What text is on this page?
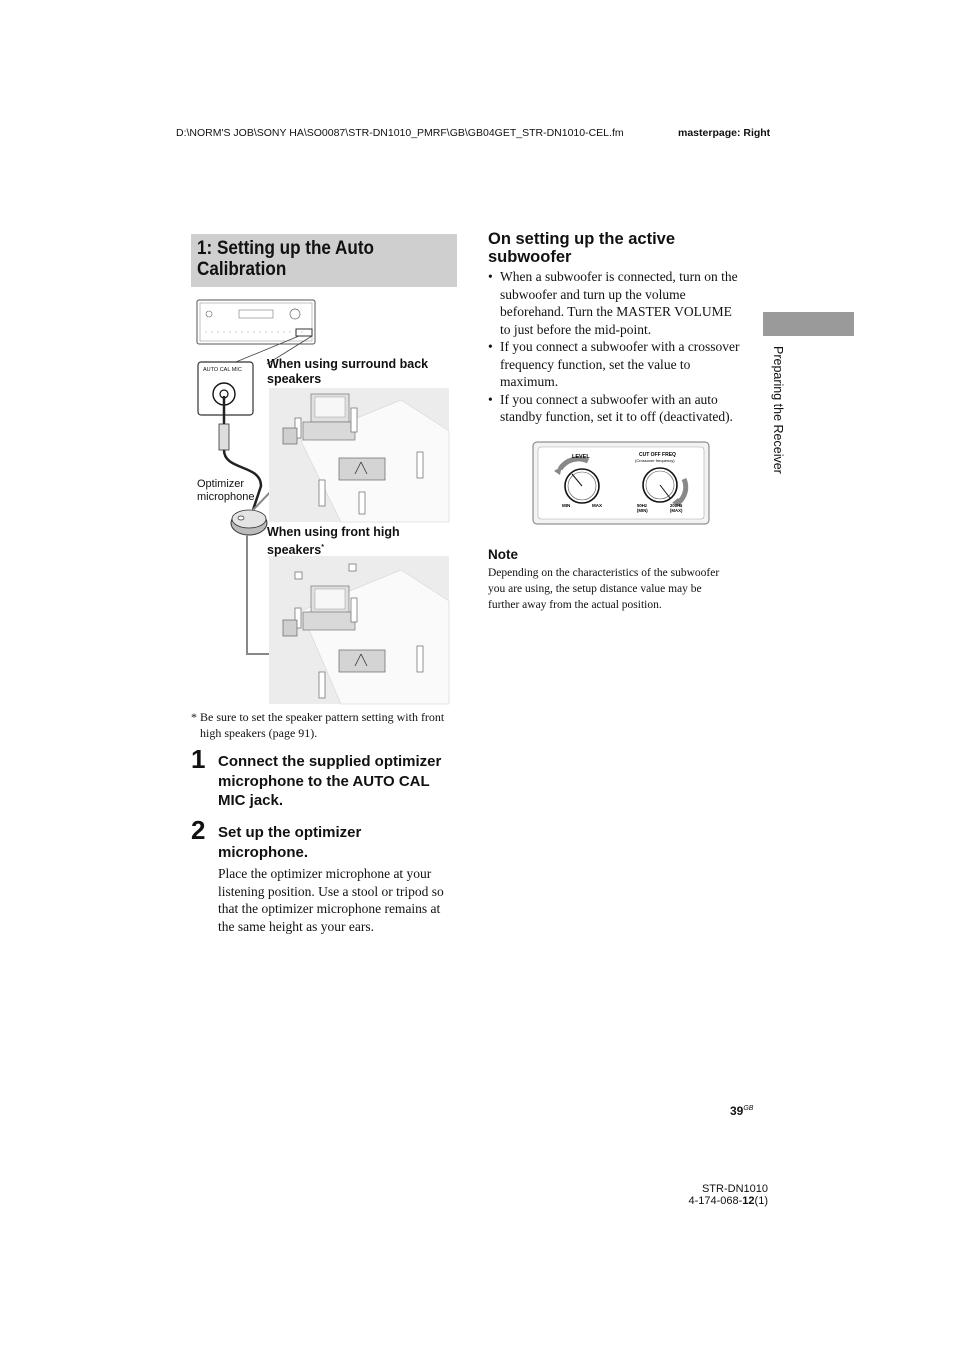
D:\NORM'S JOB\SONY HA\SO0087\STR-DN1010_PMRF\GB\GB04GET_STR-DN1010-CEL.fm	masterpage: Right
1: Setting up the Auto
Calibration
AUTO CAL MIC
Optimizer
microphone
When using surround back
speakers
When using front high
speakers*
* Be sure to set the speaker pattern setting with front
high speakers (page 91).
1 Connect the supplied optimizer
microphone to the AUTO CAL
MIC jack.
2 Set up the optimizer
microphone.
Place the optimizer microphone at your
listening position. Use a stool or tripod so
that the optimizer microphone remains at
the same height as your ears.
On setting up the active
subwoofer
• When a subwoofer is connected, turn on the
subwoofer and turn up the volume
beforehand. Turn the MASTER VOLUME
to just before the mid-point.
• If you connect a subwoofer with a crossover
frequency function, set the value to
maximum.
• If you connect a subwoofer with an auto
standby function, set it to off (deactivated).
LEVEL
MIN	MAX
CUT OFF FREQ
(Crossover frequency)
50Hz
(MIN)
200Hz
(MAX)
Note
Depending on the characteristics of the subwoofer
you are using, the setup distance value may be
further away from the actual position.
Preparing the Receiver
$39^{GB}$
STR-DN1010
4-174-068-12(1)
